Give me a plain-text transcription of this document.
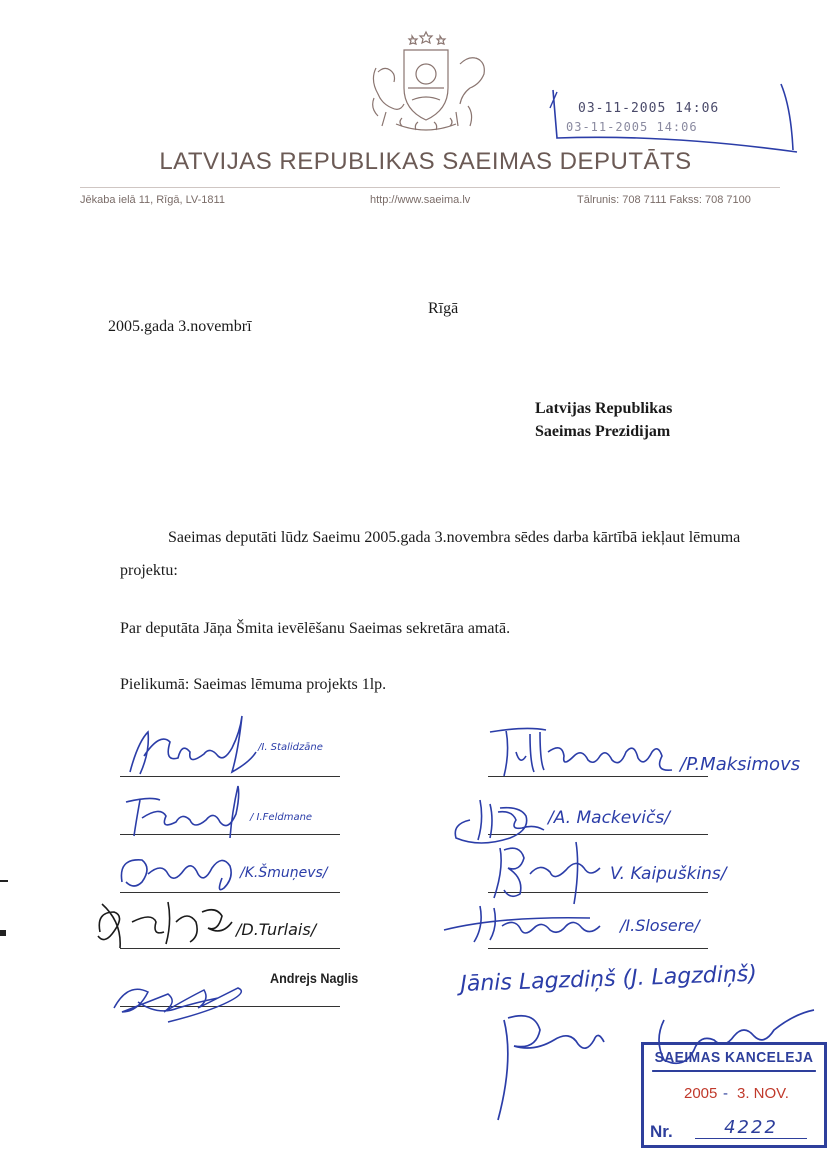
LATVIJAS REPUBLIKAS SAEIMAS DEPUTĀTS
Jēkaba ielā 11, Rīgā, LV-1811	http://www.saeima.lv	Tālrunis: 708 7111 Fakss: 708 7100
03-11-2005 14:06
03-11-2005 14:06
Rīgā
2005.gada 3.novembrī
Latvijas Republikas
Saeimas Prezidijam
Saeimas deputāti lūdz Saeimu 2005.gada 3.novembra sēdes darba kārtībā iekļaut lēmuma
projektu:
Par deputāta Jāņa Šmita ievēlēšanu Saeimas sekretāra amatā.
Pielikumā: Saeimas lēmuma projekts 1lp.
/I. Stalidzāne
/ I.Feldmane
/K.Šmuņevs/
/D.Turlais/
Andrejs Naglis
/P.Maksimovs
/A. Mackevičs/
V. Kaipuškins/
/I.Slosere/
Jānis Lagzdiņš (J. Lagzdiņš)
SAEIMAS KANCELEJA
2005 - 3. NOV.
Nr.	4222
